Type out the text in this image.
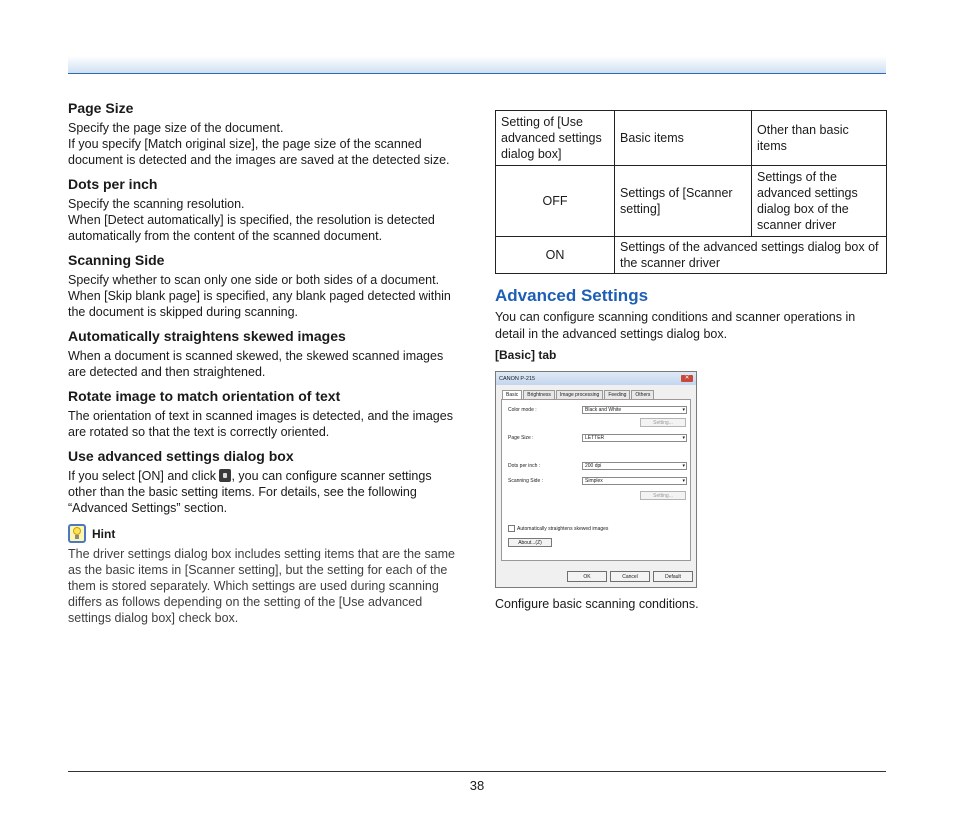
Page Size

Specify the page size of the document.

If you specify [Match original size], the page size of the scanned document is detected and the images are saved at the detected size.

Dots per inch

Specify the scanning resolution.

When [Detect automatically] is specified, the resolution is detected automatically from the content of the scanned document.

Scanning Side

Specify whether to scan only one side or both sides of a document.

When [Skip blank page] is specified, any blank paged detected within the document is skipped during scanning.

Automatically straightens skewed images

When a document is scanned skewed, the skewed scanned images are detected and then straightened.

Rotate image to match orientation of text

The orientation of text in scanned images is detected, and the images are rotated so that the text is correctly oriented.

Use advanced settings dialog box

If you select [ON] and click , you can configure scanner settings other than the basic setting items. For details, see the following “Advanced Settings” section.

Hint

The driver settings dialog box includes setting items that are the same as the basic items in [Scanner setting], but the setting for each of the them is stored separately. Which settings are used during scanning differs as follows depending on the setting of the [Use advanced settings dialog box] check box.

Setting of [Use advanced settings dialog box]	Basic items	Other than basic items
OFF	Settings of [Scanner setting]	Settings of the advanced settings dialog box of the scanner driver
ON	Settings of the advanced settings dialog box of the scanner driver	
Advanced Settings
You can configure scanning conditions and scanner operations in detail in the advanced settings dialog box.
[Basic] tab
CANON P-215	✕
Basic	Brightness	Image processing	Feeding	Others
Color mode :	Black and White ▾
Setting...
Page Size :	LETTER ▾
Dots per inch :	200 dpi ▾
Scanning Side :	Simplex ▾
Setting...
Automatically straightens skewed images
About...(Z)
OK	Cancel	Default
Configure basic scanning conditions.
38
